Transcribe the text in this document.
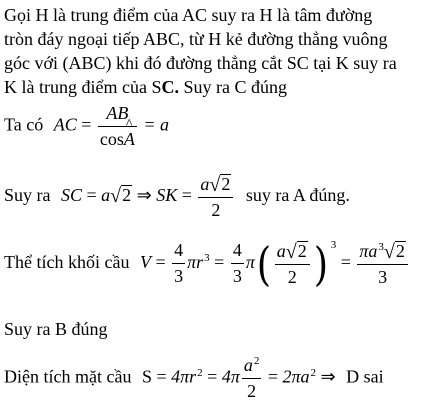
Gọi H là trung điểm của AC suy ra H là tâm đường
tròn đáy ngoại tiếp ABC, từ H kẻ đường thẳng vuông
góc với (ABC) khi đó đường thẳng cắt SC tại K suy ra
K là trung điểm của SC. Suy ra C đúng
Ta có AC = $\frac{AB}{\cos\^{} A} = a$
Suy ra SC = a √ 2 ⇒ SK = $\frac{a √ 2}{2}$ suy ra A đúng.
Thể tích khối cầu $V = \frac{4}{3} \pi r^3 = \frac{4}{3} \pi( \frac{a √ 2}{2}$ ) $^3 = \frac{\pi a^3 √ 2}{3}$
Suy ra B đúng
Diện tích mặt cầu $S = 4\pi r^2 = 4\pi \frac{a^2}{2} = 2\pi a^2$ ⇒ D sai
